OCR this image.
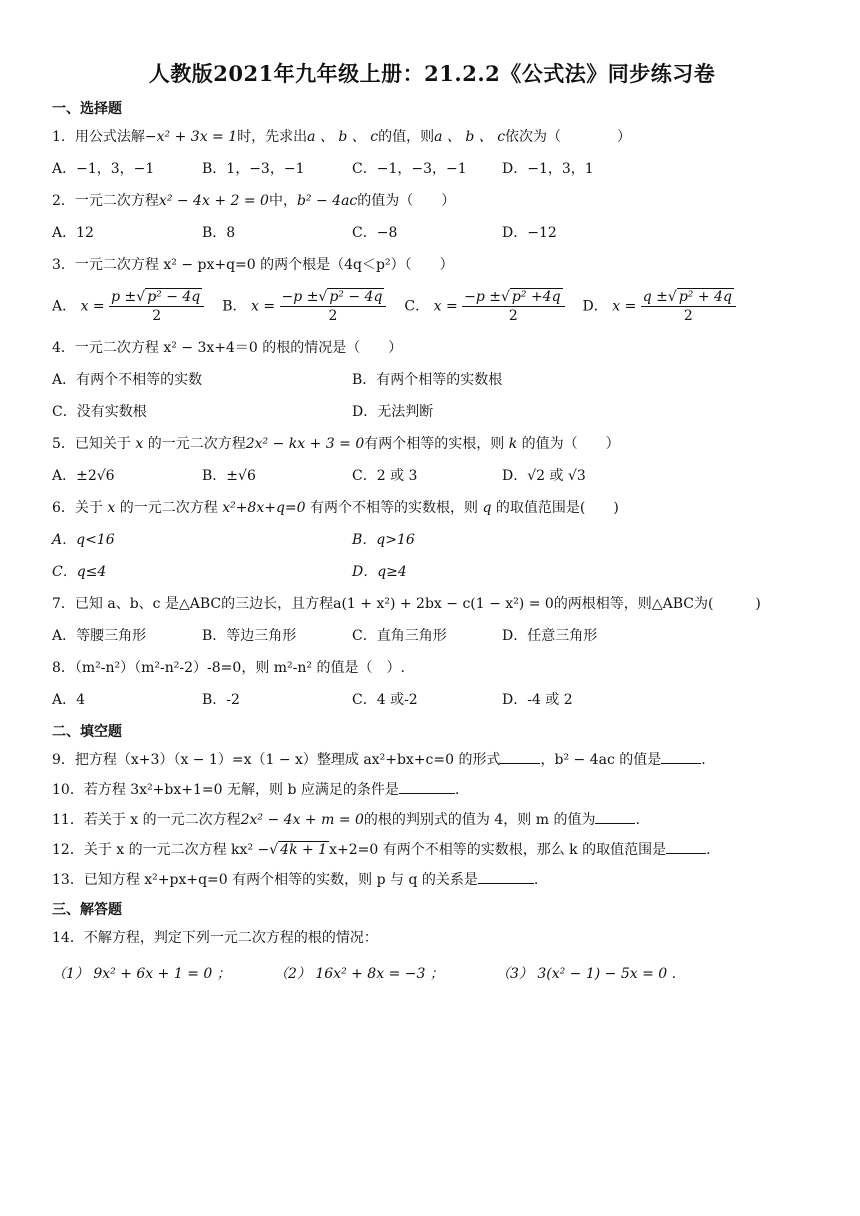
人教版2021年九年级上册：21.2.2《公式法》同步练习卷
一、选择题
1．用公式法解−x² + 3x = 1时，先求出a 、 b 、 c的值，则a 、 b 、 c依次为（　　　　）
A．−1，3，−1	B．1，−3，−1	C．−1，−3，−1	D．−1，3，1
2．一元二次方程x² − 4x + 2 = 0中，b² − 4ac的值为（　　）
A．12	B．8	C．−8	D．−12
3．一元二次方程 x² − px+q=0 的两个根是（4q＜p²）（　　）
A． $x = \frac{\text{p ±√ p² − 4q}}{2}$ B． $x = \frac{\text{−p ±√ p² − 4q}}{2}$ C． $x = \frac{\text{−p ±√ p² +4q}}{2}$ D． $x = \frac{\text{q ±√ p² + 4q}}{2}$
4．一元二次方程 x² − 3x+4＝0 的根的情况是（　　）
A．有两个不相等的实数	B．有两个相等的实数根
C．没有实数根	D．无法判断
5．已知关于 x 的一元二次方程2x² − kx + 3 = 0有两个相等的实根，则 k 的值为（　　）
A．±2√6	B．±√6	C．2 或 3	D．√2 或 √3
6．关于 x 的一元二次方程 x²+8x+q=0 有两个不相等的实数根，则 q 的取值范围是(　　)
A．q<16	B．q>16
C．q≤4	D．q≥4
7．已知 a、b、c 是△ABC的三边长，且方程a(1 + x²) + 2bx − c(1 − x²) = 0的两根相等，则△ABC为(　　　)
A．等腰三角形	B．等边三角形	C．直角三角形	D．任意三角形
8．（m²-n²）（m²-n²-2）-8=0，则 m²-n² 的值是（　）.
A．4	B．-2	C．4 或-2	D．-4 或 2
二、填空题
9．把方程（x+3）（x − 1）=x（1 − x）整理成 ax²+bx+c=0 的形式	，b² − 4ac 的值是	.
10．若方程 3x²+bx+1=0 无解，则 b 应满足的条件是	.
11．若关于 x 的一元二次方程2x² − 4x + m = 0的根的判别式的值为 4，则 m 的值为	.
12．关于 x 的一元二次方程 kx² −√ 4k + 1 x+2=0 有两个不相等的实数根，那么 k 的取值范围是	.
13．已知方程 x²+px+q=0 有两个相等的实数，则 p 与 q 的关系是	.
三、解答题
14．不解方程，判定下列一元二次方程的根的情况：
（1） 9x² + 6x + 1 = 0 ；	（2） 16x² + 8x = −3 ；	（3） 3(x² − 1) − 5x = 0 .
